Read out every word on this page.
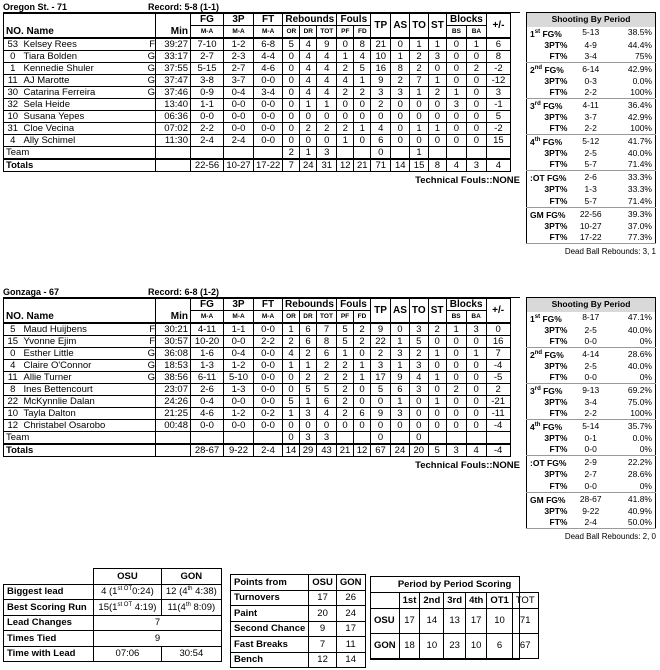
Oregon St. - 71	Record: 5-8 (1-1)
NO. Name			Min	FG	3P	FT	Rebounds			Fouls		TP	AS	TO	ST	Blocks		+/-
				M-A	M-A	M-A	OR	DR	TOT	PF	FD					BS	BA	
53	Kelsey Rees	F	39:27	7-10	1-2	6-8	5	4	9	0	8	21	0	1	1	0	1	6
0	Tiara Bolden	G	33:17	2-7	2-3	4-4	0	4	4	1	4	10	1	2	3	0	0	8
1	Kennedie Shuler	G	37:55	5-15	2-7	4-6	0	4	4	2	5	16	8	2	0	0	2	-2
11	AJ Marotte	G	37:47	3-8	3-7	0-0	0	4	4	4	1	9	2	7	1	0	0	-12
30	Catarina Ferreira	G	37:46	0-9	0-4	3-4	0	4	4	2	2	3	3	1	2	1	0	3
32	Sela Heide		13:40	1-1	0-0	0-0	0	1	1	0	0	2	0	0	0	3	0	-1
10	Susana Yepes		06:36	0-0	0-0	0-0	0	0	0	0	0	0	0	0	0	0	0	5
31	Cloe Vecina		07:02	2-2	0-0	0-0	0	2	2	2	1	4	0	1	1	0	0	-2
4	Ally Schimel		11:30	2-4	2-4	0-0	0	0	0	1	0	6	0	0	0	0	0	15
Team							2	1	3			0		1				
Totals				22-56	10-27	17-22	7	24	31	12	21	71	14	15	8	4	3	4
Technical Fouls::NONE
Shooting By Period		
1st FG%	5-13	38.5%
3PT%	4-9	44.4%
FT%	3-4	75%
2nd FG%	6-14	42.9%
3PT%	0-3	0.0%
FT%	2-2	100%
3rd FG%	4-11	36.4%
3PT%	3-7	42.9%
FT%	2-2	100%
4th FG%	5-12	41.7%
3PT%	2-5	40.0%
FT%	5-7	71.4%
:OT FG%	2-6	33.3%
3PT%	1-3	33.3%
FT%	5-7	71.4%
GM FG%	22-56	39.3%
3PT%	10-27	37.0%
FT%	17-22	77.3%
Dead Ball Rebounds: 3, 1
Gonzaga - 67	Record: 6-8 (1-2)
NO. Name			Min	FG	3P	FT	Rebounds			Fouls		TP	AS	TO	ST	Blocks		+/-
				M-A	M-A	M-A	OR	DR	TOT	PF	FD					BS	BA	
5	Maud Huijbens	F	30:21	4-11	1-1	0-0	1	6	7	5	2	9	0	3	2	1	3	0
15	Yvonne Ejim	F	30:57	10-20	0-0	2-2	2	6	8	5	2	22	1	5	0	0	0	16
0	Esther Little	G	36:08	1-6	0-4	0-0	4	2	6	1	0	2	3	2	1	0	1	7
4	Claire O'Connor	G	18:53	1-3	1-2	0-0	1	1	2	2	1	3	1	3	0	0	0	-4
11	Allie Turner	G	38:56	6-11	5-10	0-0	0	2	2	2	1	17	9	4	1	0	0	-5
8	Ines Bettencourt		23:07	2-6	1-3	0-0	0	5	5	2	0	5	6	3	0	2	0	2
22	McKynnlie Dalan		24:26	0-4	0-0	0-0	5	1	6	2	0	0	1	0	1	0	0	-21
10	Tayla Dalton		21:25	4-6	1-2	0-2	1	3	4	2	6	9	3	0	0	0	0	-11
12	Christabel Osarobo		00:48	0-0	0-0	0-0	0	0	0	0	0	0	0	0	0	0	0	-4
Team							0	3	3			0		0				
Totals				28-67	9-22	2-4	14	29	43	21	12	67	24	20	5	3	4	-4
Technical Fouls::NONE
Shooting By Period		
1st FG%	8-17	47.1%
3PT%	2-5	40.0%
FT%	0-0	0%
2nd FG%	4-14	28.6%
3PT%	2-5	40.0%
FT%	0-0	0%
3rd FG%	9-13	69.2%
3PT%	3-4	75.0%
FT%	2-2	100%
4th FG%	5-14	35.7%
3PT%	0-1	0.0%
FT%	0-0	0%
:OT FG%	2-9	22.2%
3PT%	2-7	28.6%
FT%	0-0	0%
GM FG%	28-67	41.8%
3PT%	9-22	40.9%
FT%	2-4	50.0%
Dead Ball Rebounds: 2, 0
	OSU	GON
Biggest lead	4 $(1^{st OT}0:24)$	12 (4th 4:38)
Best Scoring Run	$15(1^{st OT}$ 4:19)	11(4th 8:09)
Lead Changes	7	
Times Tied	9	
Time with Lead	07:06	30:54
Points from	OSU	GON
Turnovers	17	26
Paint	20	24
Second Chance	9	17
Fast Breaks	7	11
Bench	12	14
Period by Period Scoring						
	1st	2nd	3rd	4th	OT1	TOT
OSU	17	14	13	17	10	71
GON	18	10	23	10	6	67
